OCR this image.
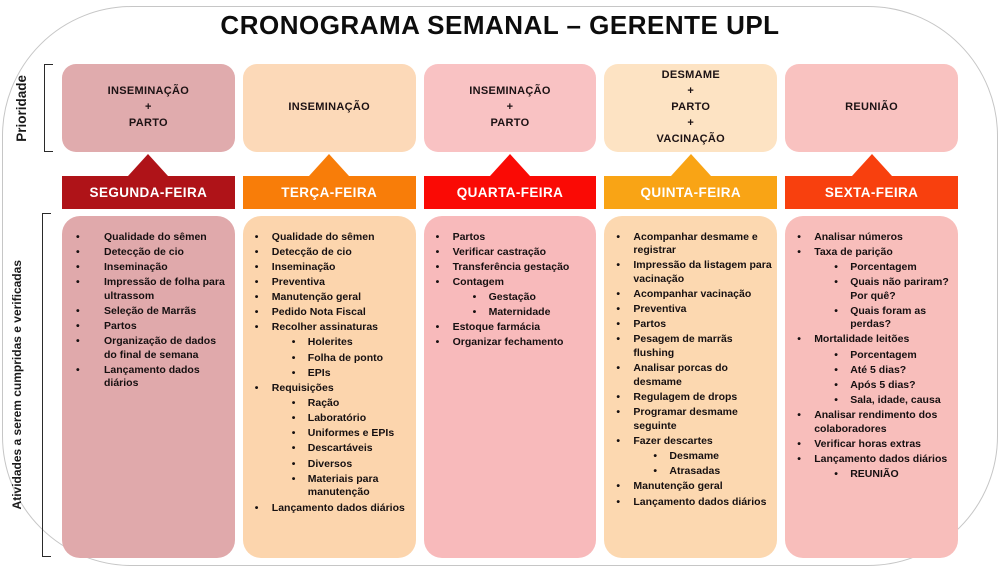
CRONOGRAMA SEMANAL – GERENTE UPL
Prioridade
Atividades a serem cumpridas e verificadas
INSEMINAÇÃO
+
PARTO
SEGUNDA-FEIRA
• Qualidade do sêmen
• Detecção de cio
• Inseminação
• Impressão de folha para ultrassom
• Seleção de Marrãs
• Partos
• Organização de dados do final de semana
• Lançamento dados diários
INSEMINAÇÃO
TERÇA-FEIRA
• Qualidade do sêmen
• Detecção de cio
• Inseminação
• Preventiva
• Manutenção geral
• Pedido Nota Fiscal
• Recolher assinaturas
• Holerites
• Folha de ponto
• EPIs
• Requisições
• Ração
• Laboratório
• Uniformes e EPIs
• Descartáveis
• Diversos
• Materiais para manutenção
• Lançamento dados diários
INSEMINAÇÃO
+
PARTO
QUARTA-FEIRA
• Partos
• Verificar castração
• Transferência gestação
• Contagem
• Gestação
• Maternidade
• Estoque farmácia
• Organizar fechamento
DESMAME
+
PARTO
+
VACINAÇÃO
QUINTA-FEIRA
• Acompanhar desmame e registrar
• Impressão da listagem para vacinação
• Acompanhar vacinação
• Preventiva
• Partos
• Pesagem de marrãs flushing
• Analisar porcas do desmame
• Regulagem de drops
• Programar desmame seguinte
• Fazer descartes
• Desmame
• Atrasadas
• Manutenção geral
• Lançamento dados diários
REUNIÃO
SEXTA-FEIRA
• Analisar números
• Taxa de parição
• Porcentagem
• Quais não pariram? Por quê?
• Quais foram as perdas?
• Mortalidade leitões
• Porcentagem
• Até 5 dias?
• Após 5 dias?
• Sala, idade, causa
• Analisar rendimento dos colaboradores
• Verificar horas extras
• Lançamento dados diários
• REUNIÃO
